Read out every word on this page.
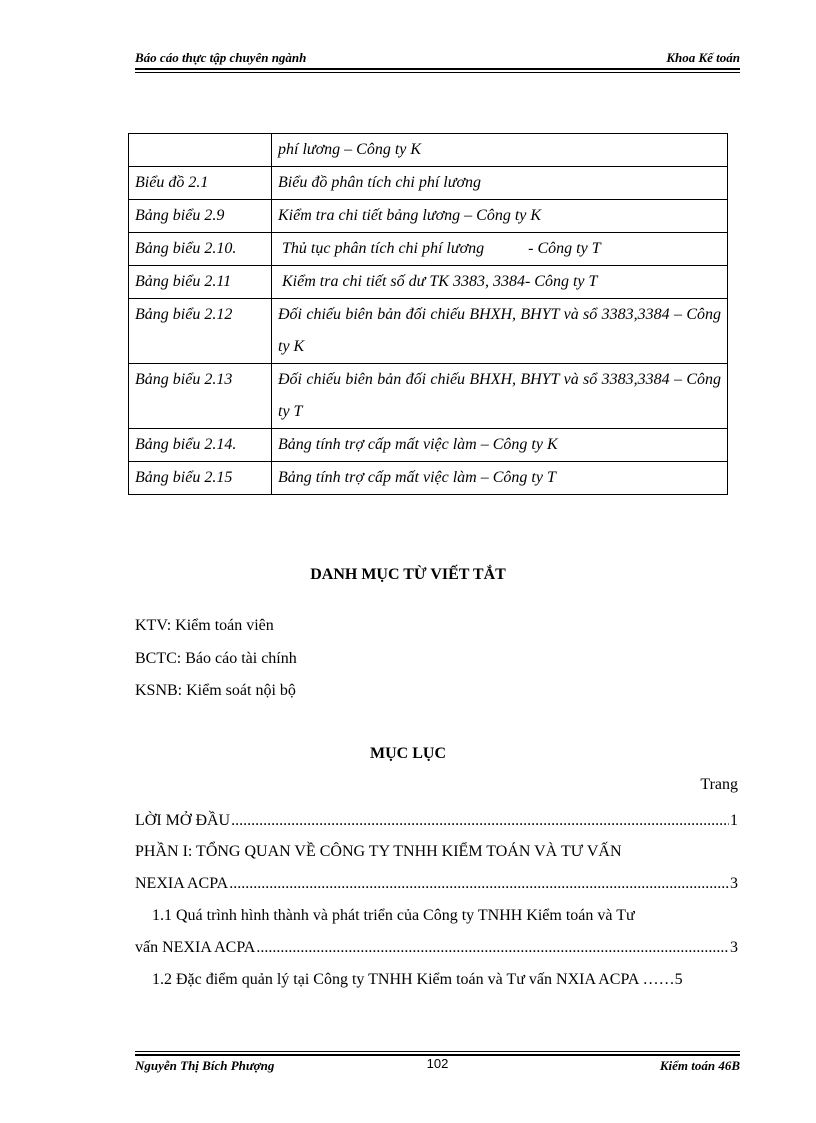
Báo cáo thực tập chuyên ngành	Khoa Kế toán
	phí lương – Công ty K
Biểu đồ 2.1	Biểu đồ phân tích chi phí lương
Bảng biểu 2.9	Kiểm tra chi tiết bảng lương – Công ty K
Bảng biểu 2.10.	Thủ tục phân tích chi phí lương           - Công ty T
Bảng biểu 2.11	Kiểm tra chi tiết số dư TK 3383, 3384- Công ty T
Bảng biểu 2.12	Đối chiếu biên bản đối chiếu BHXH, BHYT và sổ 3383,3384 – Công ty K
Bảng biểu 2.13	Đối chiếu biên bản đối chiếu BHXH, BHYT và sổ 3383,3384 – Công ty T
Bảng biểu 2.14.	Bảng tính trợ cấp mất việc làm – Công ty K
Bảng biểu 2.15	Bảng tính trợ cấp mất việc làm – Công ty T
DANH MỤC TỪ VIẾT TẮT
KTV: Kiểm toán viên
BCTC: Báo cáo tài chính
KSNB: Kiểm soát nội bộ
MỤC LỤC
Trang
LỜI MỞ ĐẦU .....	1
PHẦN I: TỔNG QUAN VỀ CÔNG TY TNHH KIỂM TOÁN VÀ TƯ VẤN
NEXIA ACPA .....	3
1.1 Quá trình hình thành và phát triển của Công ty TNHH Kiểm toán và Tư
vấn NEXIA ACPA .....	3
1.2 Đặc điểm quản lý tại Công ty TNHH Kiểm toán và Tư vấn NXIA ACPA …… 5
Nguyễn Thị Bích Phượng	102	Kiểm toán 46B
